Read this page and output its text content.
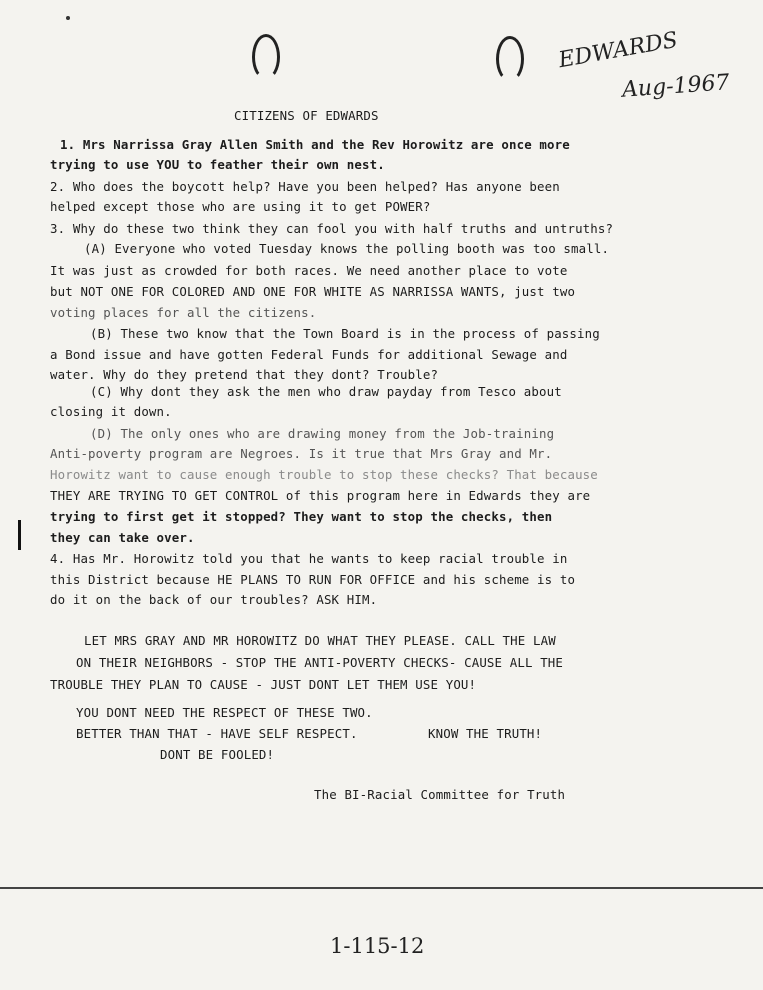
EDWARDS
Aug-1967
CITIZENS OF EDWARDS
1. Mrs Narrissa Gray Allen Smith and the Rev Horowitz are once more
trying to use YOU to feather their own nest.
2. Who does the boycott help? Have you been helped? Has anyone been
helped except those who are using it to get POWER?
3. Why do these two think they can fool you with half truths and untruths?
(A) Everyone who voted Tuesday knows the polling booth was too small.
It was just as crowded for both races. We need another place to vote
but NOT ONE FOR COLORED AND ONE FOR WHITE AS NARRISSA WANTS, just two
voting places for all the citizens.
(B) These two know that the Town Board is in the process of passing
a Bond issue and have gotten Federal Funds for additional Sewage and
water. Why do they pretend that they dont? Trouble?
(C) Why dont they ask the men who draw payday from Tesco about
closing it down.
(D) The only ones who are drawing money from the Job-training
Anti-poverty program are Negroes. Is it true that Mrs Gray and Mr.
Horowitz want to cause enough trouble to stop these checks? That because
THEY ARE TRYING TO GET CONTROL of this program here in Edwards they are
trying to first get it stopped? They want to stop the checks, then
they can take over.
4. Has Mr. Horowitz told you that he wants to keep racial trouble in
this District because HE PLANS TO RUN FOR OFFICE and his scheme is to
do it on the back of our troubles? ASK HIM.
LET MRS GRAY AND MR HOROWITZ DO WHAT THEY PLEASE. CALL THE LAW
ON THEIR NEIGHBORS - STOP THE ANTI-POVERTY CHECKS- CAUSE ALL THE
TROUBLE THEY PLAN TO CAUSE - JUST DONT LET THEM USE YOU!
YOU DONT NEED THE RESPECT OF THESE TWO.
BETTER THAN THAT - HAVE SELF RESPECT.	KNOW THE TRUTH!
DONT BE FOOLED!
The BI-Racial Committee for Truth
1-115-12
